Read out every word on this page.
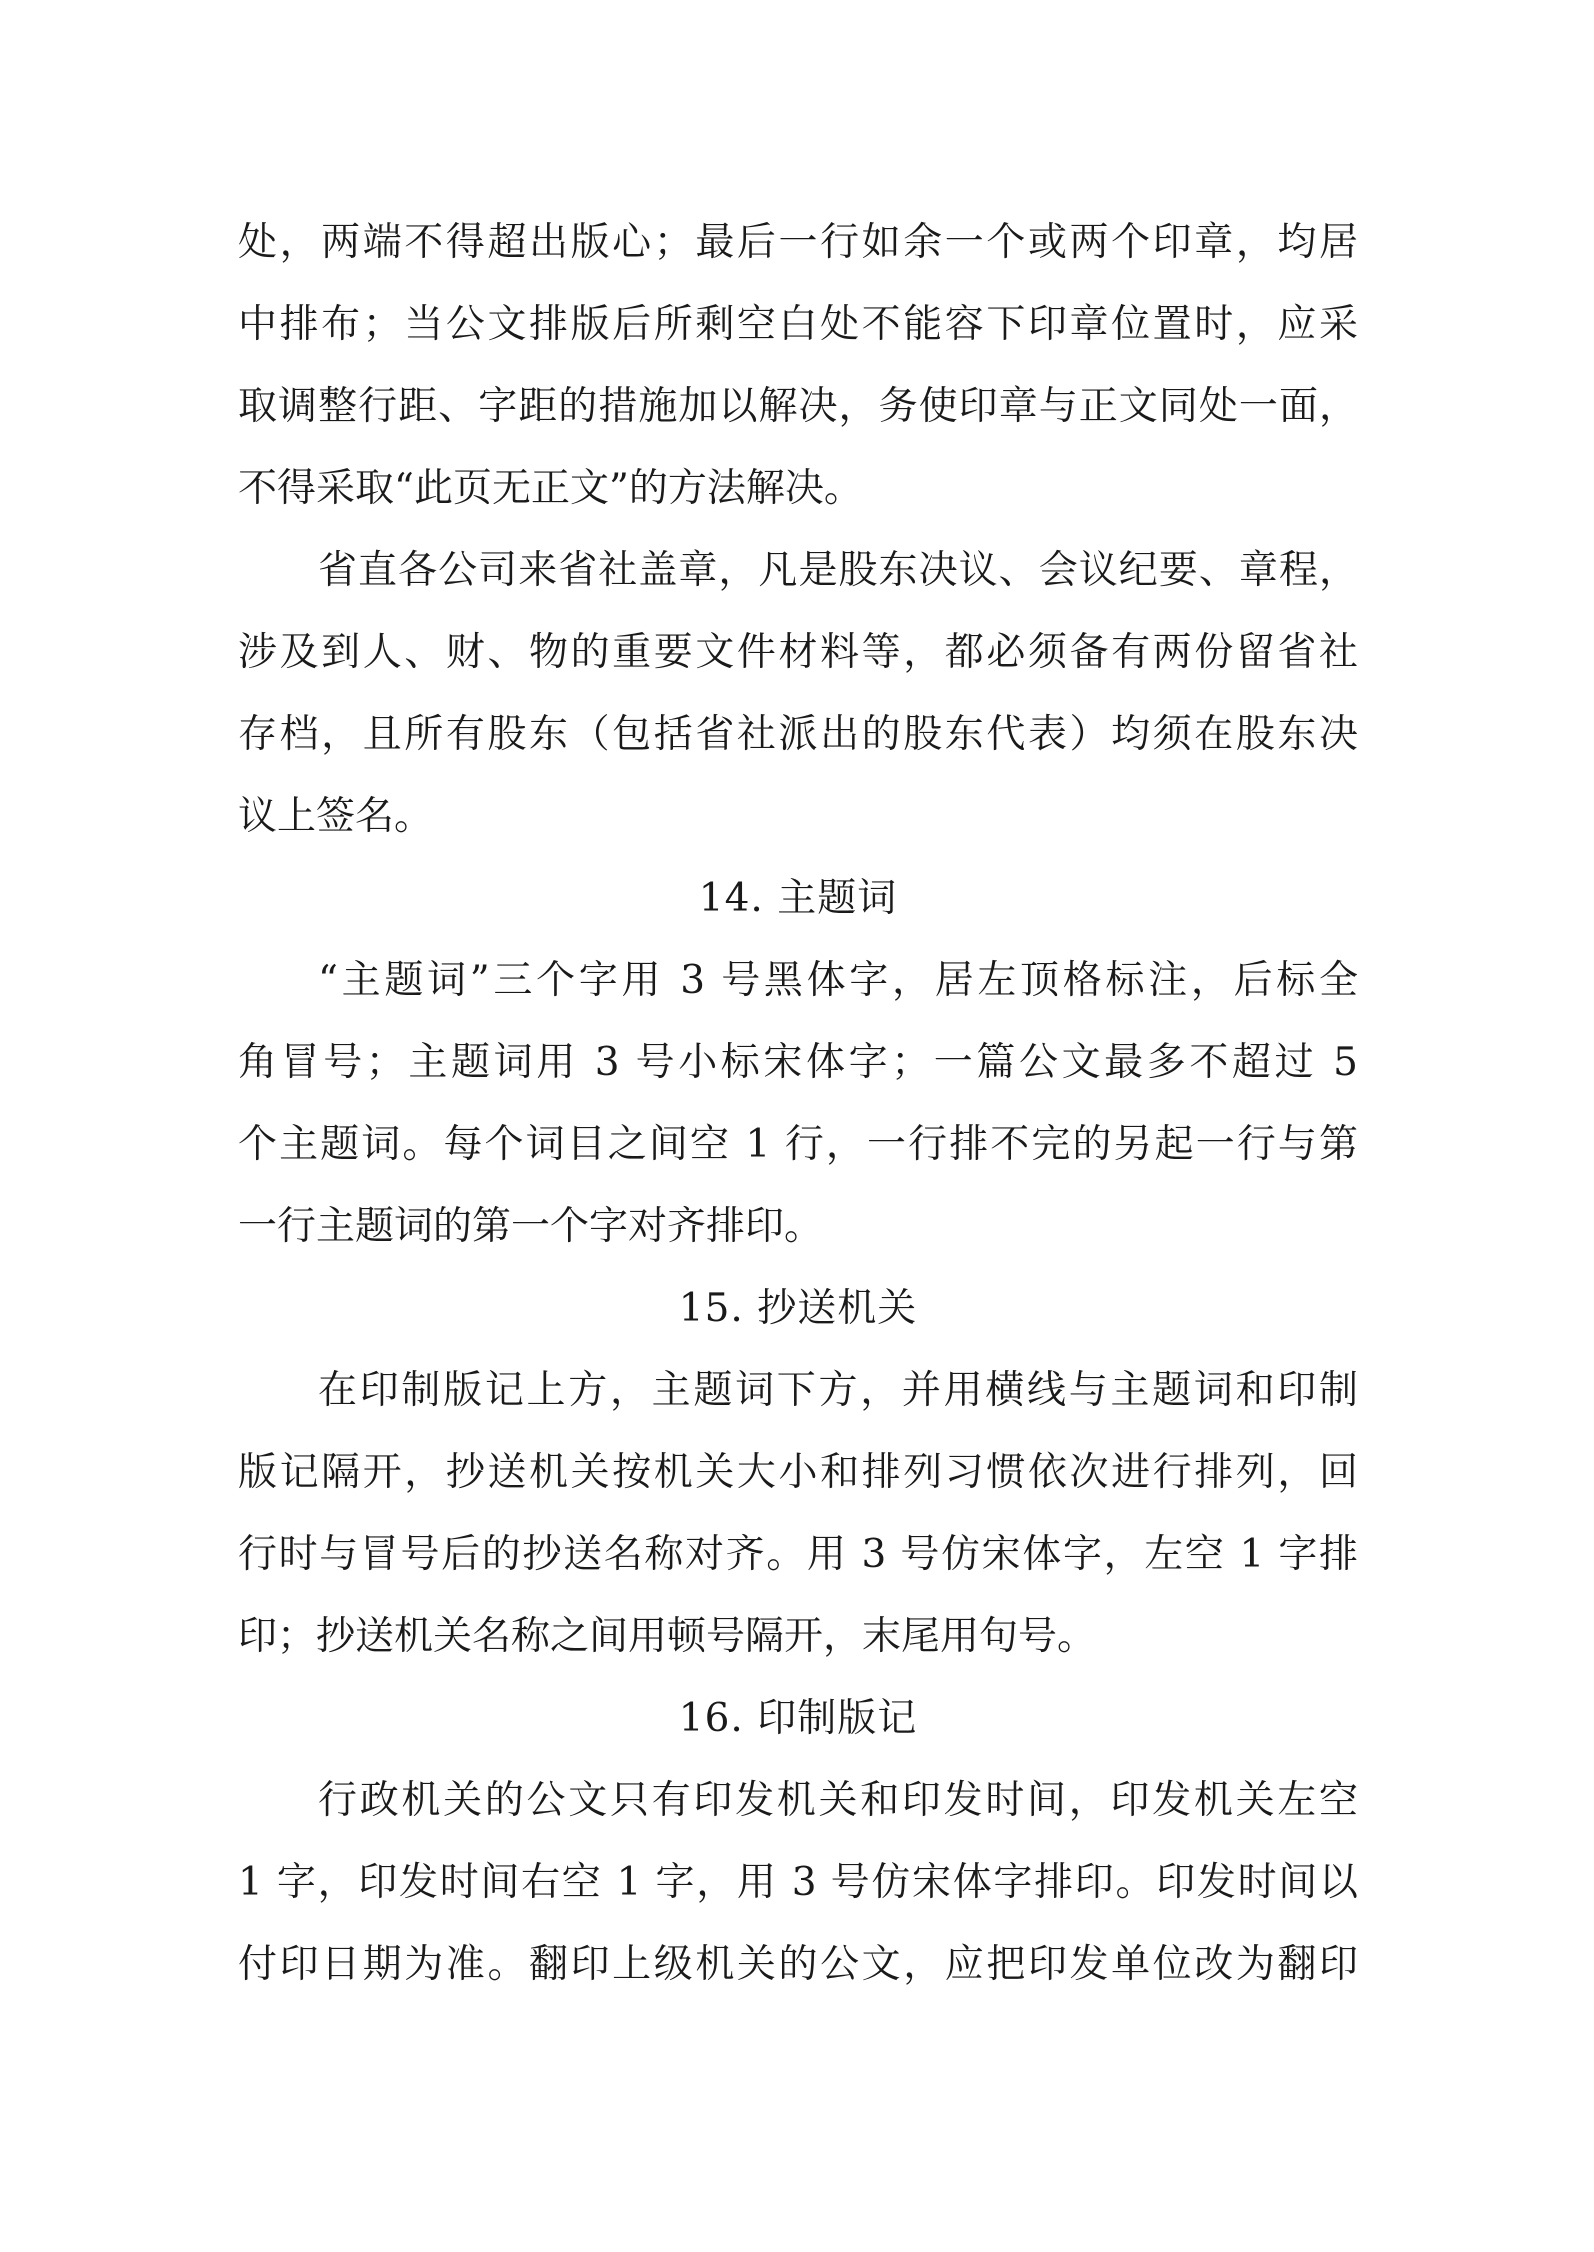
处，两端不得超出版心；最后一行如余一个或两个印章，均居
中排布；当公文排版后所剩空白处不能容下印章位置时，应采
取调整行距、字距的措施加以解决，务使印章与正文同处一面，
不得采取“此页无正文”的方法解决。
省直各公司来省社盖章，凡是股东决议、会议纪要、章程，
涉及到人、财、物的重要文件材料等，都必须备有两份留省社
存档，且所有股东（包括省社派出的股东代表）均须在股东决
议上签名。
14. 主题词
“主题词”三个字用 3 号黑体字，居左顶格标注，后标全
角冒号；主题词用 3 号小标宋体字；一篇公文最多不超过 5
个主题词。每个词目之间空 1 行，一行排不完的另起一行与第
一行主题词的第一个字对齐排印。
15. 抄送机关
在印制版记上方，主题词下方，并用横线与主题词和印制
版记隔开，抄送机关按机关大小和排列习惯依次进行排列，回
行时与冒号后的抄送名称对齐。用 3 号仿宋体字，左空 1 字排
印；抄送机关名称之间用顿号隔开，末尾用句号。
16. 印制版记
行政机关的公文只有印发机关和印发时间，印发机关左空
1 字，印发时间右空 1 字，用 3 号仿宋体字排印。印发时间以
付印日期为准。翻印上级机关的公文，应把印发单位改为翻印
